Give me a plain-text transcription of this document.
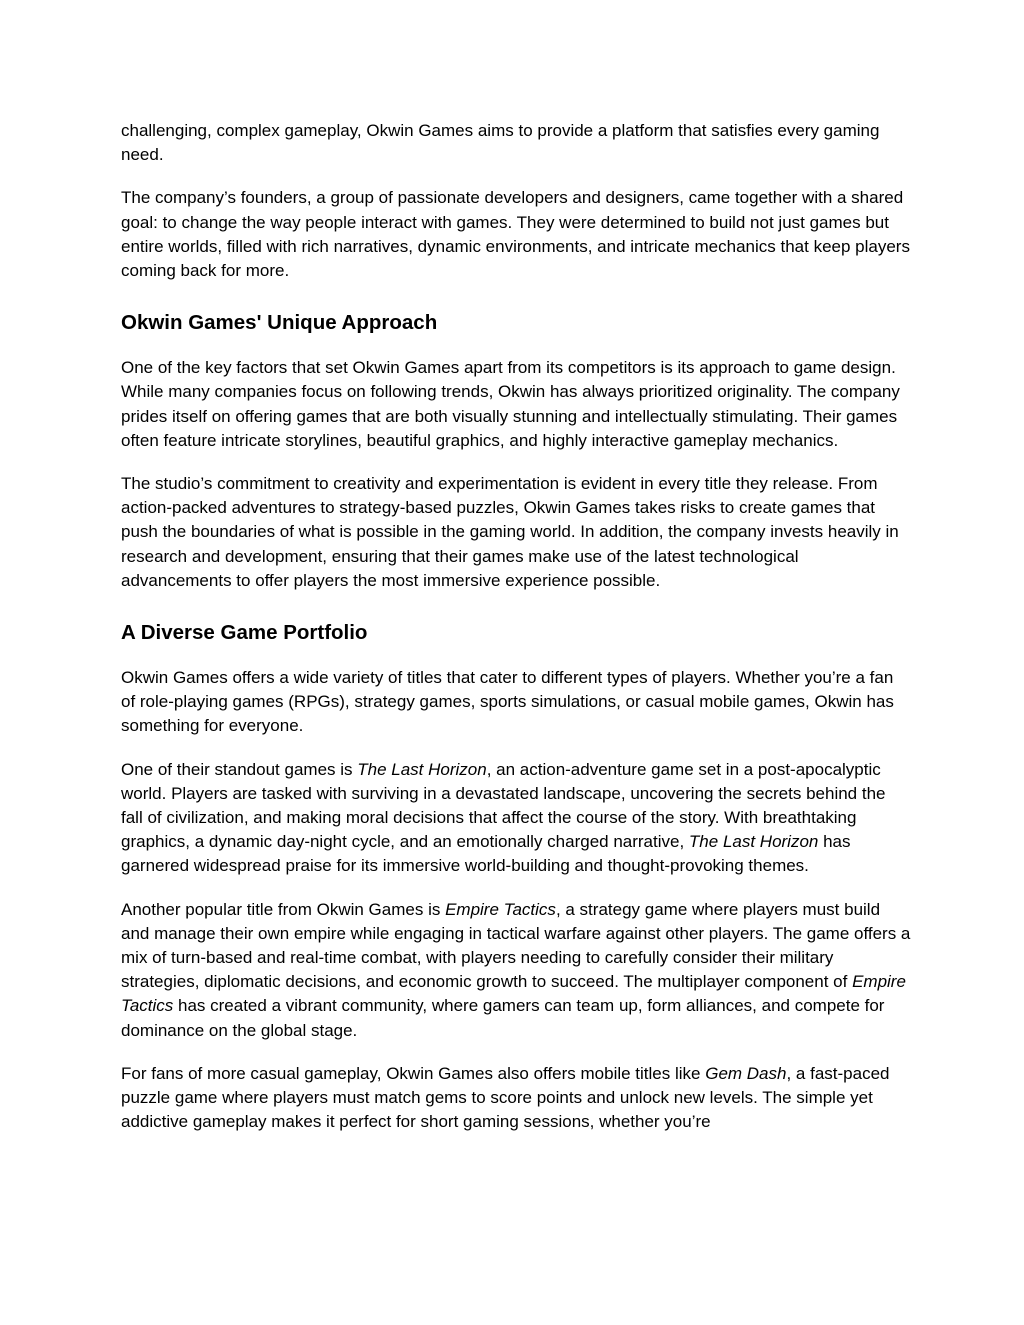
challenging, complex gameplay, Okwin Games aims to provide a platform that satisfies every gaming need.

The company’s founders, a group of passionate developers and designers, came together with a shared goal: to change the way people interact with games. They were determined to build not just games but entire worlds, filled with rich narratives, dynamic environments, and intricate mechanics that keep players coming back for more.

Okwin Games' Unique Approach

One of the key factors that set Okwin Games apart from its competitors is its approach to game design. While many companies focus on following trends, Okwin has always prioritized originality. The company prides itself on offering games that are both visually stunning and intellectually stimulating. Their games often feature intricate storylines, beautiful graphics, and highly interactive gameplay mechanics.

The studio’s commitment to creativity and experimentation is evident in every title they release. From action-packed adventures to strategy-based puzzles, Okwin Games takes risks to create games that push the boundaries of what is possible in the gaming world. In addition, the company invests heavily in research and development, ensuring that their games make use of the latest technological advancements to offer players the most immersive experience possible.

A Diverse Game Portfolio

Okwin Games offers a wide variety of titles that cater to different types of players. Whether you’re a fan of role-playing games (RPGs), strategy games, sports simulations, or casual mobile games, Okwin has something for everyone.

One of their standout games is The Last Horizon, an action-adventure game set in a post-apocalyptic world. Players are tasked with surviving in a devastated landscape, uncovering the secrets behind the fall of civilization, and making moral decisions that affect the course of the story. With breathtaking graphics, a dynamic day-night cycle, and an emotionally charged narrative, The Last Horizon has garnered widespread praise for its immersive world-building and thought-provoking themes.

Another popular title from Okwin Games is Empire Tactics, a strategy game where players must build and manage their own empire while engaging in tactical warfare against other players. The game offers a mix of turn-based and real-time combat, with players needing to carefully consider their military strategies, diplomatic decisions, and economic growth to succeed. The multiplayer component of Empire Tactics has created a vibrant community, where gamers can team up, form alliances, and compete for dominance on the global stage.

For fans of more casual gameplay, Okwin Games also offers mobile titles like Gem Dash, a fast-paced puzzle game where players must match gems to score points and unlock new levels. The simple yet addictive gameplay makes it perfect for short gaming sessions, whether you’re
